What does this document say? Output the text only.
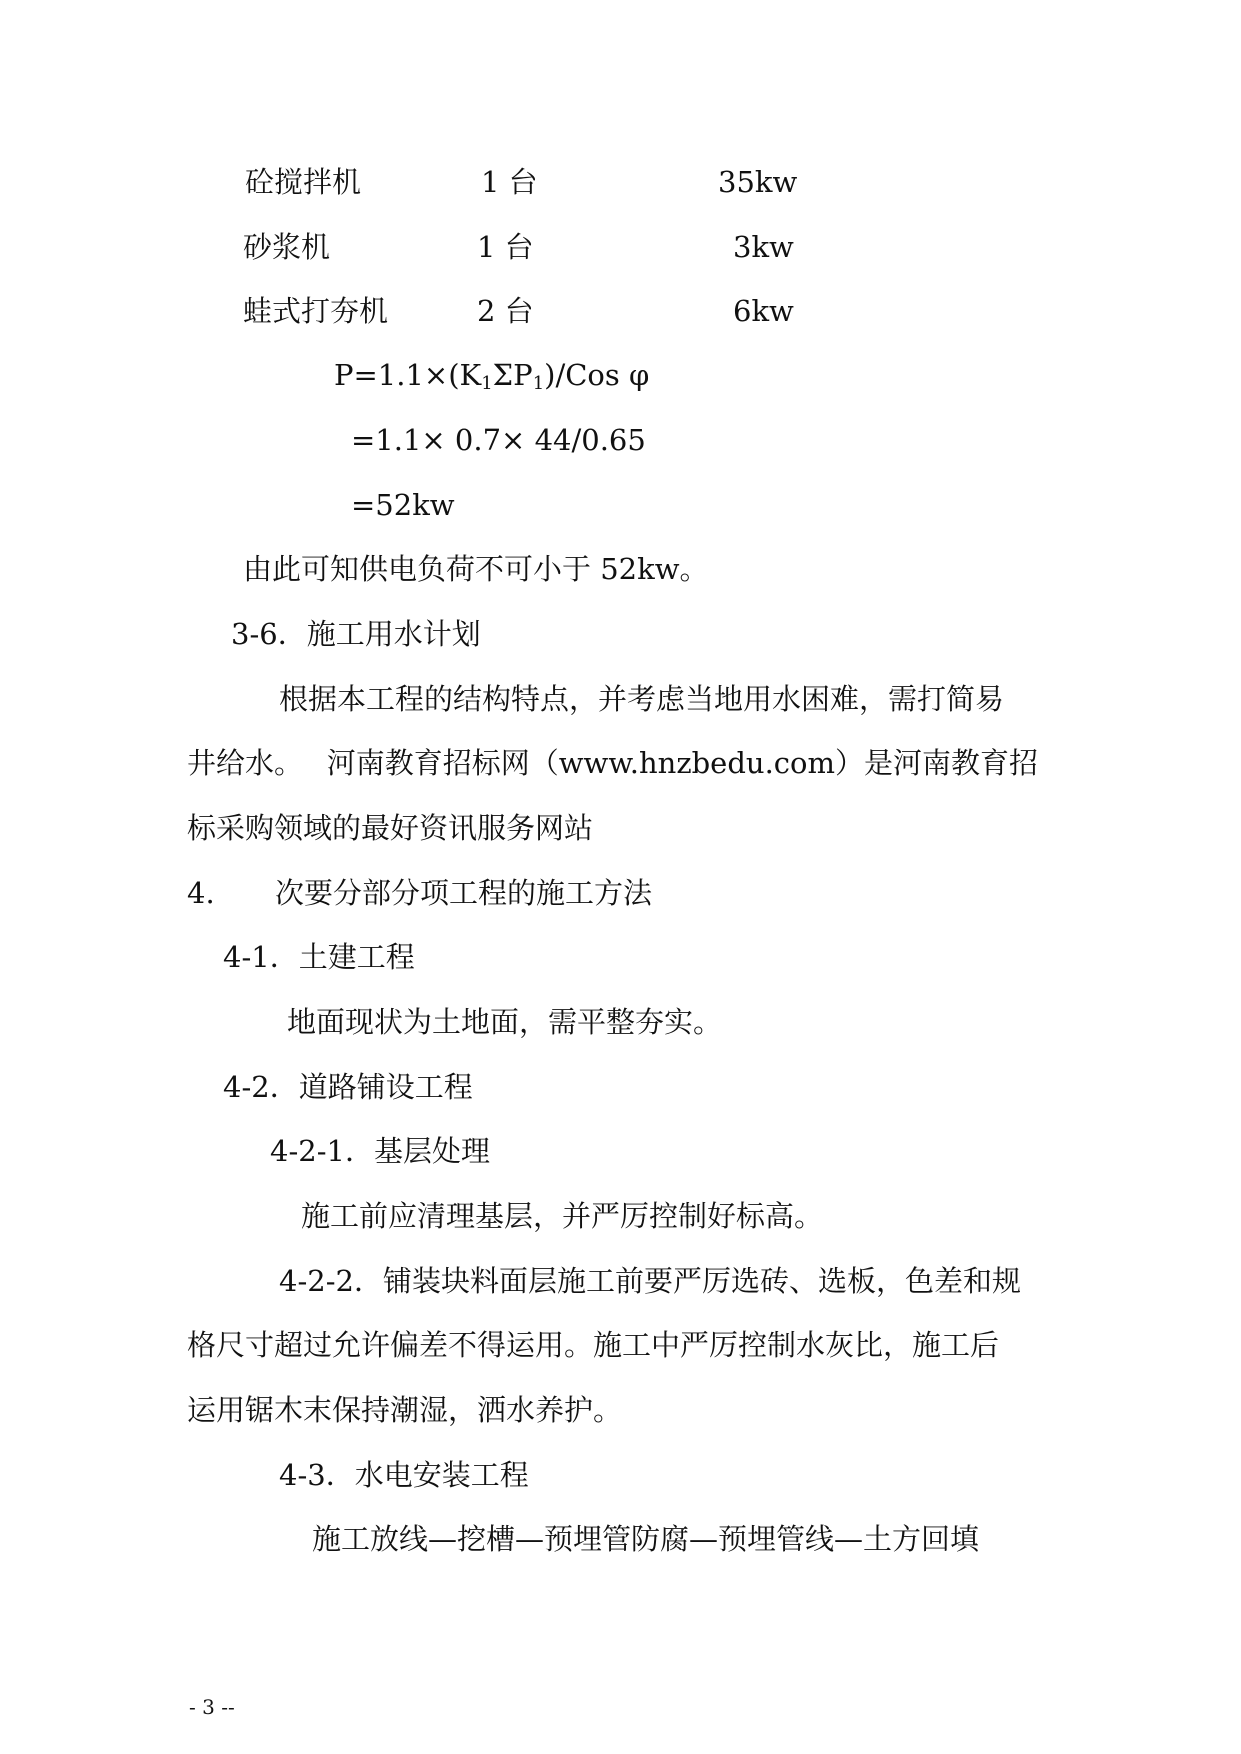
砼搅拌机	1 台	35kw
砂浆机	1 台	3kw
蛙式打夯机	2 台	6kw
$P=1.1\times(K_1\Sigma P_1)$/Cos φ
=1.1× 0.7× 44/0.65
=52kw
由此可知供电负荷不可小于 52kw。
3-6．施工用水计划
根据本工程的结构特点，并考虑当地用水困难，需打简易
井给水。　 河南教育招标网（www.hnzbedu.com）是河南教育招
标采购领域的最好资讯服务网站
4. 次要分部分项工程的施工方法
4-1．土建工程
地面现状为土地面，需平整夯实。
4-2．道路铺设工程
4-2-1．基层处理
施工前应清理基层，并严厉控制好标高。
4-2-2．铺装块料面层施工前要严厉选砖、选板，色差和规
格尺寸超过允许偏差不得运用。施工中严厉控制水灰比，施工后
运用锯木末保持潮湿，洒水养护。
4-3．水电安装工程
施工放线—挖槽—预埋管防腐—预埋管线—土方回填
- 3 --
